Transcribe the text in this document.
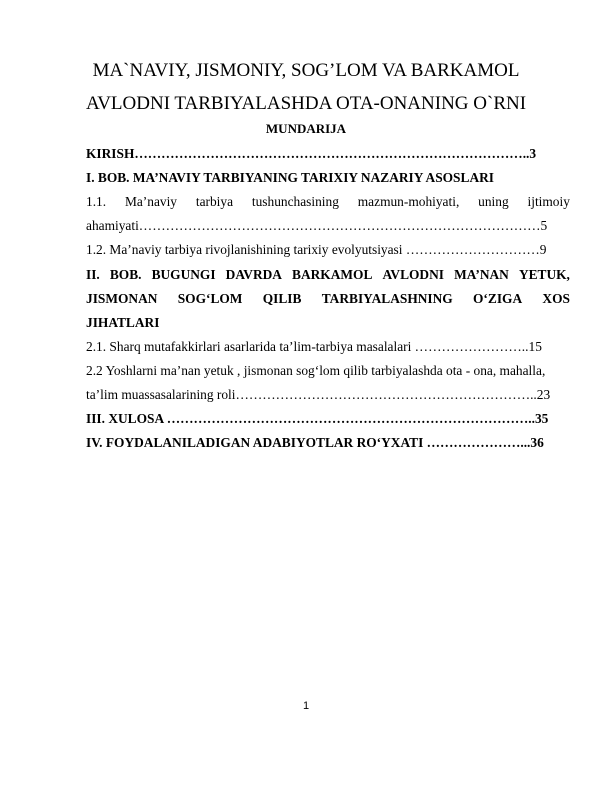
MA`NAVIY, JISMONIY, SOG’LOM VA BARKAMOL
AVLODNI TARBIYALASHDA OTA-ONANING O`RNI
MUNDARIJA
KIRISH……………………………………………………………………………..3
I. BOB. MA’NAVIY TARBIYANING TARIXIY NAZARIY ASOSLARI
1.1. Ma’naviy tarbiya tushunchasining mazmun-mohiyati, uning ijtimoiy
ahamiyati………………………………………………………………………………5
1.2. Ma’naviy tarbiya rivojlanishining tarixiy evolyutsiyasi …………………………9
II. BOB. BUGUNGI DAVRDA BARKAMOL AVLODNI MA’NAN YETUK,
JISMONAN SOG‘LOM QILIB TARBIYALASHNING O‘ZIGA XOS
JIHATLARI
2.1. Sharq mutafakkirlari asarlarida ta’lim-tarbiya masalalari ……………………..15
2.2 Yoshlarni ma’nan yetuk , jismonan sog‘lom qilib tarbiyalashda ota - ona, mahalla,
ta’lim muassasalarining roli…………………………………………………………..23
III. XULOSA ………………………………………………………………………..35
IV. FOYDALANILADIGAN ADABIYOTLAR RO‘YXATI …………………...36
1
